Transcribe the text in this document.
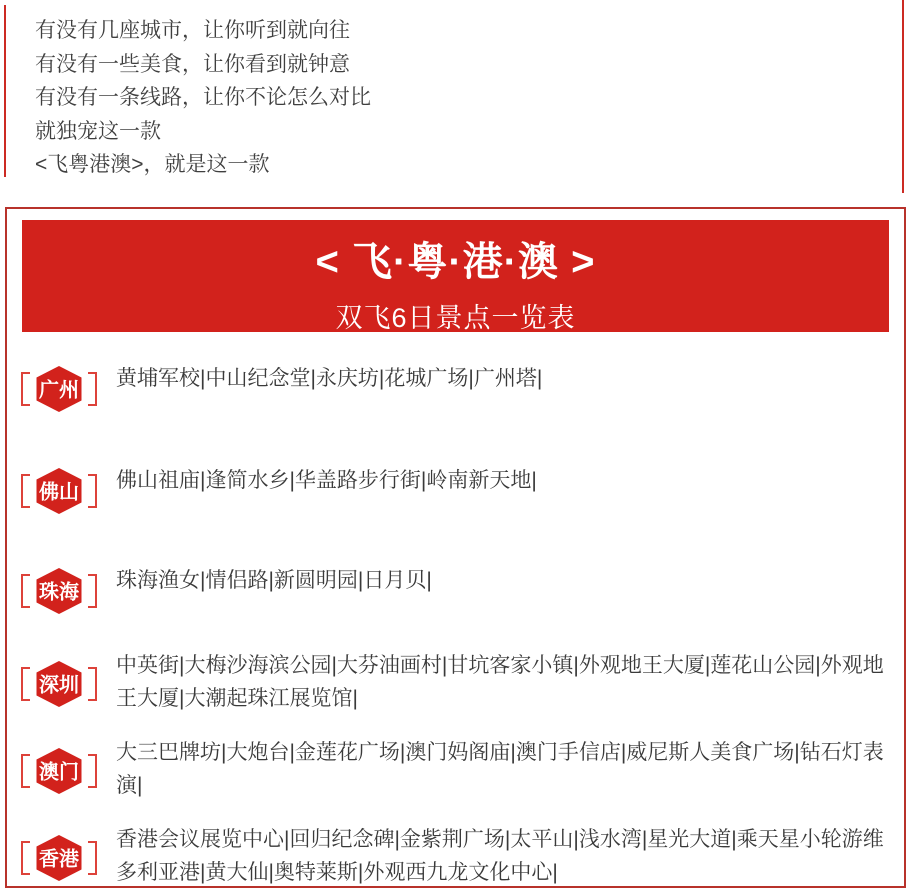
有没有几座城市，让你听到就向往
有没有一些美食，让你看到就钟意
有没有一条线路，让你不论怎么对比
就独宠这一款
<飞粤港澳>，就是这一款
< 飞·粤·港·澳 >
双飞6日景点一览表
广州
黄埔军校|中山纪念堂|永庆坊|花城广场|广州塔|
佛山
佛山祖庙|逢简水乡|华盖路步行街|岭南新天地|
珠海
珠海渔女|情侣路|新圆明园|日月贝|
深圳
中英街|大梅沙海滨公园|大芬油画村|甘坑客家小镇|外观地王大厦|莲花山公园|外观地王大厦|大潮起珠江展览馆|
澳门
大三巴牌坊|大炮台|金莲花广场|澳门妈阁庙|澳门手信店|威尼斯人美食广场|钻石灯表演|
香港
香港会议展览中心|回归纪念碑|金紫荆广场|太平山|浅水湾|星光大道|乘天星小轮游维多利亚港|黄大仙|奥特莱斯|外观西九龙文化中心|
